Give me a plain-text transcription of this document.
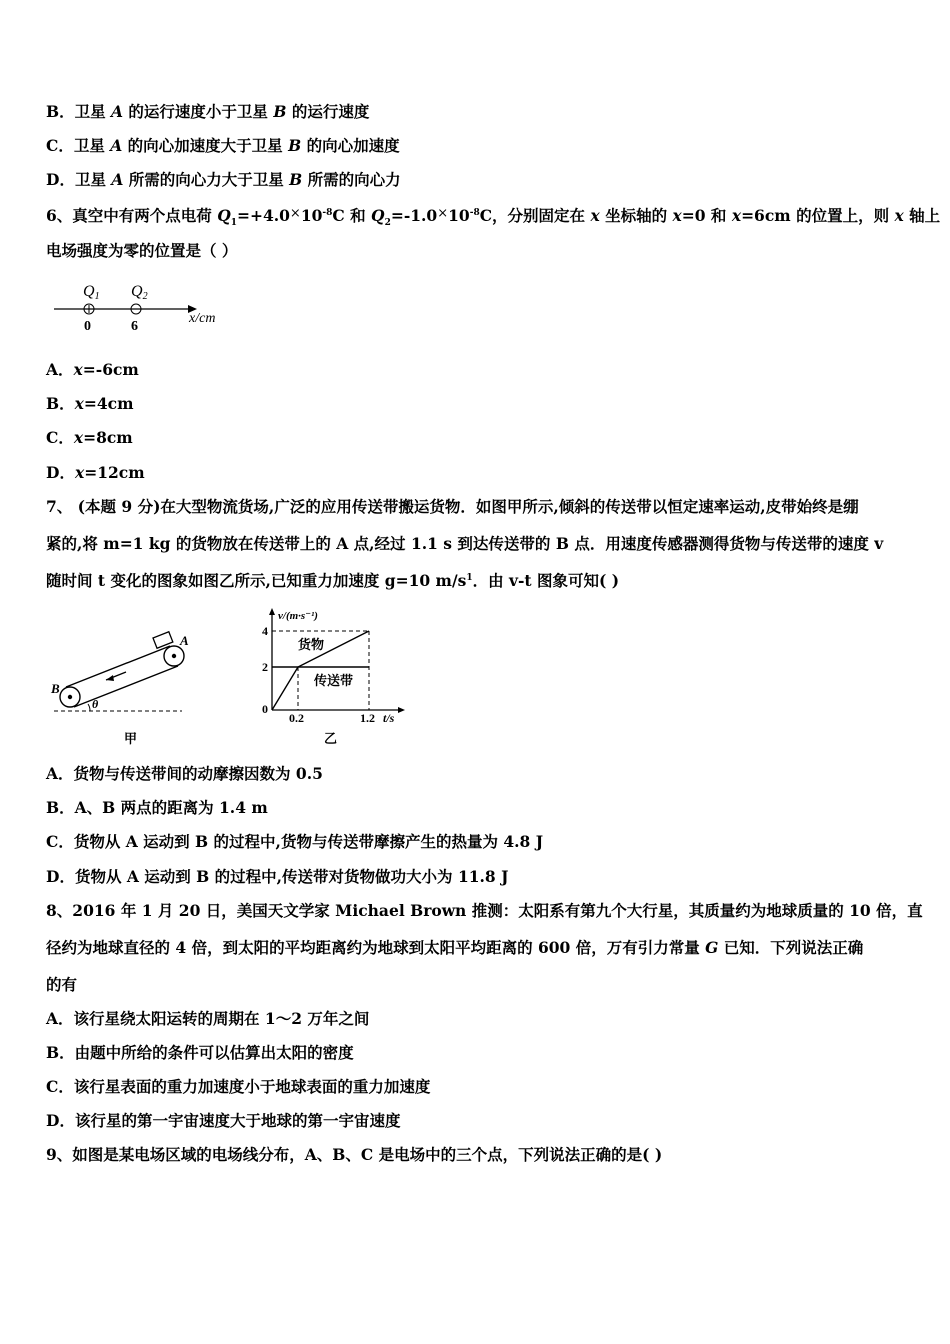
B．卫星 A 的运行速度小于卫星 B 的运行速度
C．卫星 A 的向心加速度大于卫星 B 的向心加速度
D．卫星 A 所需的向心力大于卫星 B 所需的向心力
6、真空中有两个点电荷 $Q_1=+4.0^\times 10^{-8}C$ 和 $Q_2=-1.0^\times 10^{-8}C$，分别固定在 x 坐标轴的 x=0 和 x=6cm 的位置上，则 x 轴上
电场强度为零的位置是（ ）
Q1 Q2
0	6
x/cm
A．x=-6cm
B．x=4cm
C．x=8cm
D．x=12cm
7、 (本题 9 分)在大型物流货场,广泛的应用传送带搬运货物．如图甲所示,倾斜的传送带以恒定速率运动,皮带始终是绷
紧的,将 m=1 kg 的货物放在传送带上的 A 点,经过 1.1 s 到达传送带的 B 点．用速度传感器测得货物与传送带的速度 v
随时间 t 变化的图象如图乙所示,已知重力加速度 g=10 $m/s^1$．由 v-t 图象可知( )
θ
A
B
甲
v/(m·s⁻¹)
4
2
0
0.2	1.2 t/s
货物
传送带
乙
A．货物与传送带间的动摩擦因数为 0.5
B．A、B 两点的距离为 1.4 m
C．货物从 A 运动到 B 的过程中,货物与传送带摩擦产生的热量为 4.8 J
D．货物从 A 运动到 B 的过程中,传送带对货物做功大小为 11.8 J
8、2016 年 1 月 20 日，美国天文学家 Michael Brown 推测：太阳系有第九个大行星，其质量约为地球质量的 10 倍，直
径约为地球直径的 4 倍，到太阳的平均距离约为地球到太阳平均距离的 600 倍，万有引力常量 G 已知．下列说法正确
的有
A．该行星绕太阳运转的周期在 1～2 万年之间
B．由题中所给的条件可以估算出太阳的密度
C．该行星表面的重力加速度小于地球表面的重力加速度
D．该行星的第一宇宙速度大于地球的第一宇宙速度
9、如图是某电场区域的电场线分布，A、B、C 是电场中的三个点，下列说法正确的是( )
